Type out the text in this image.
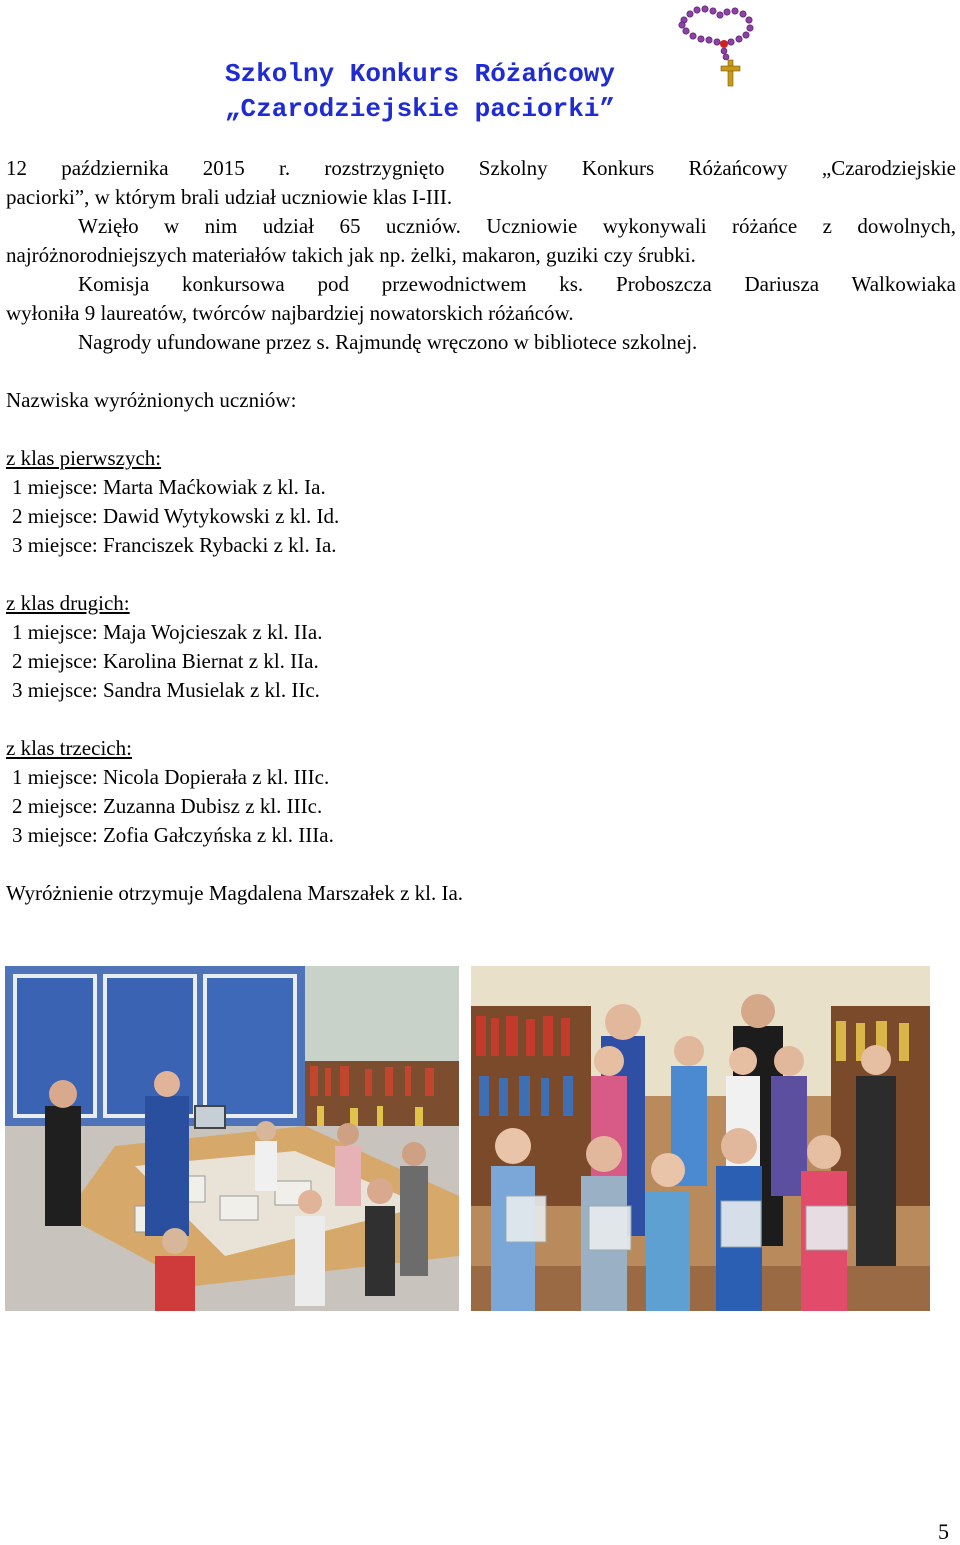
Szkolny Konkurs Różańcowy
„Czarodziejskie paciorki”
12 października 2015 r. rozstrzygnięto Szkolny Konkurs Różańcowy „Czarodziejskie
paciorki”, w którym brali udział uczniowie klas I-III.
Wzięło w nim udział 65 uczniów. Uczniowie wykonywali różańce z dowolnych,
najróżnorodniejszych materiałów takich jak np. żelki, makaron, guziki czy śrubki.
Komisja konkursowa pod przewodnictwem ks. Proboszcza Dariusza Walkowiaka
wyłoniła 9 laureatów, twórców najbardziej nowatorskich różańców.
Nagrody ufundowane przez s. Rajmundę wręczono w bibliotece szkolnej.
Nazwiska wyróżnionych uczniów:
z klas pierwszych:
1 miejsce: Marta Maćkowiak z kl. Ia.
2 miejsce: Dawid Wytykowski z kl. Id.
3 miejsce: Franciszek Rybacki z kl. Ia.
z klas drugich:
1 miejsce: Maja Wojcieszak z kl. IIa.
2 miejsce: Karolina Biernat z kl. IIa.
3 miejsce: Sandra Musielak z kl. IIc.
z klas trzecich:
1 miejsce: Nicola Dopierała z kl. IIIc.
2 miejsce: Zuzanna Dubisz z kl. IIIc.
3 miejsce: Zofia Gałczyńska z kl. IIIa.
Wyróżnienie otrzymuje Magdalena Marszałek z kl. Ia.
5
